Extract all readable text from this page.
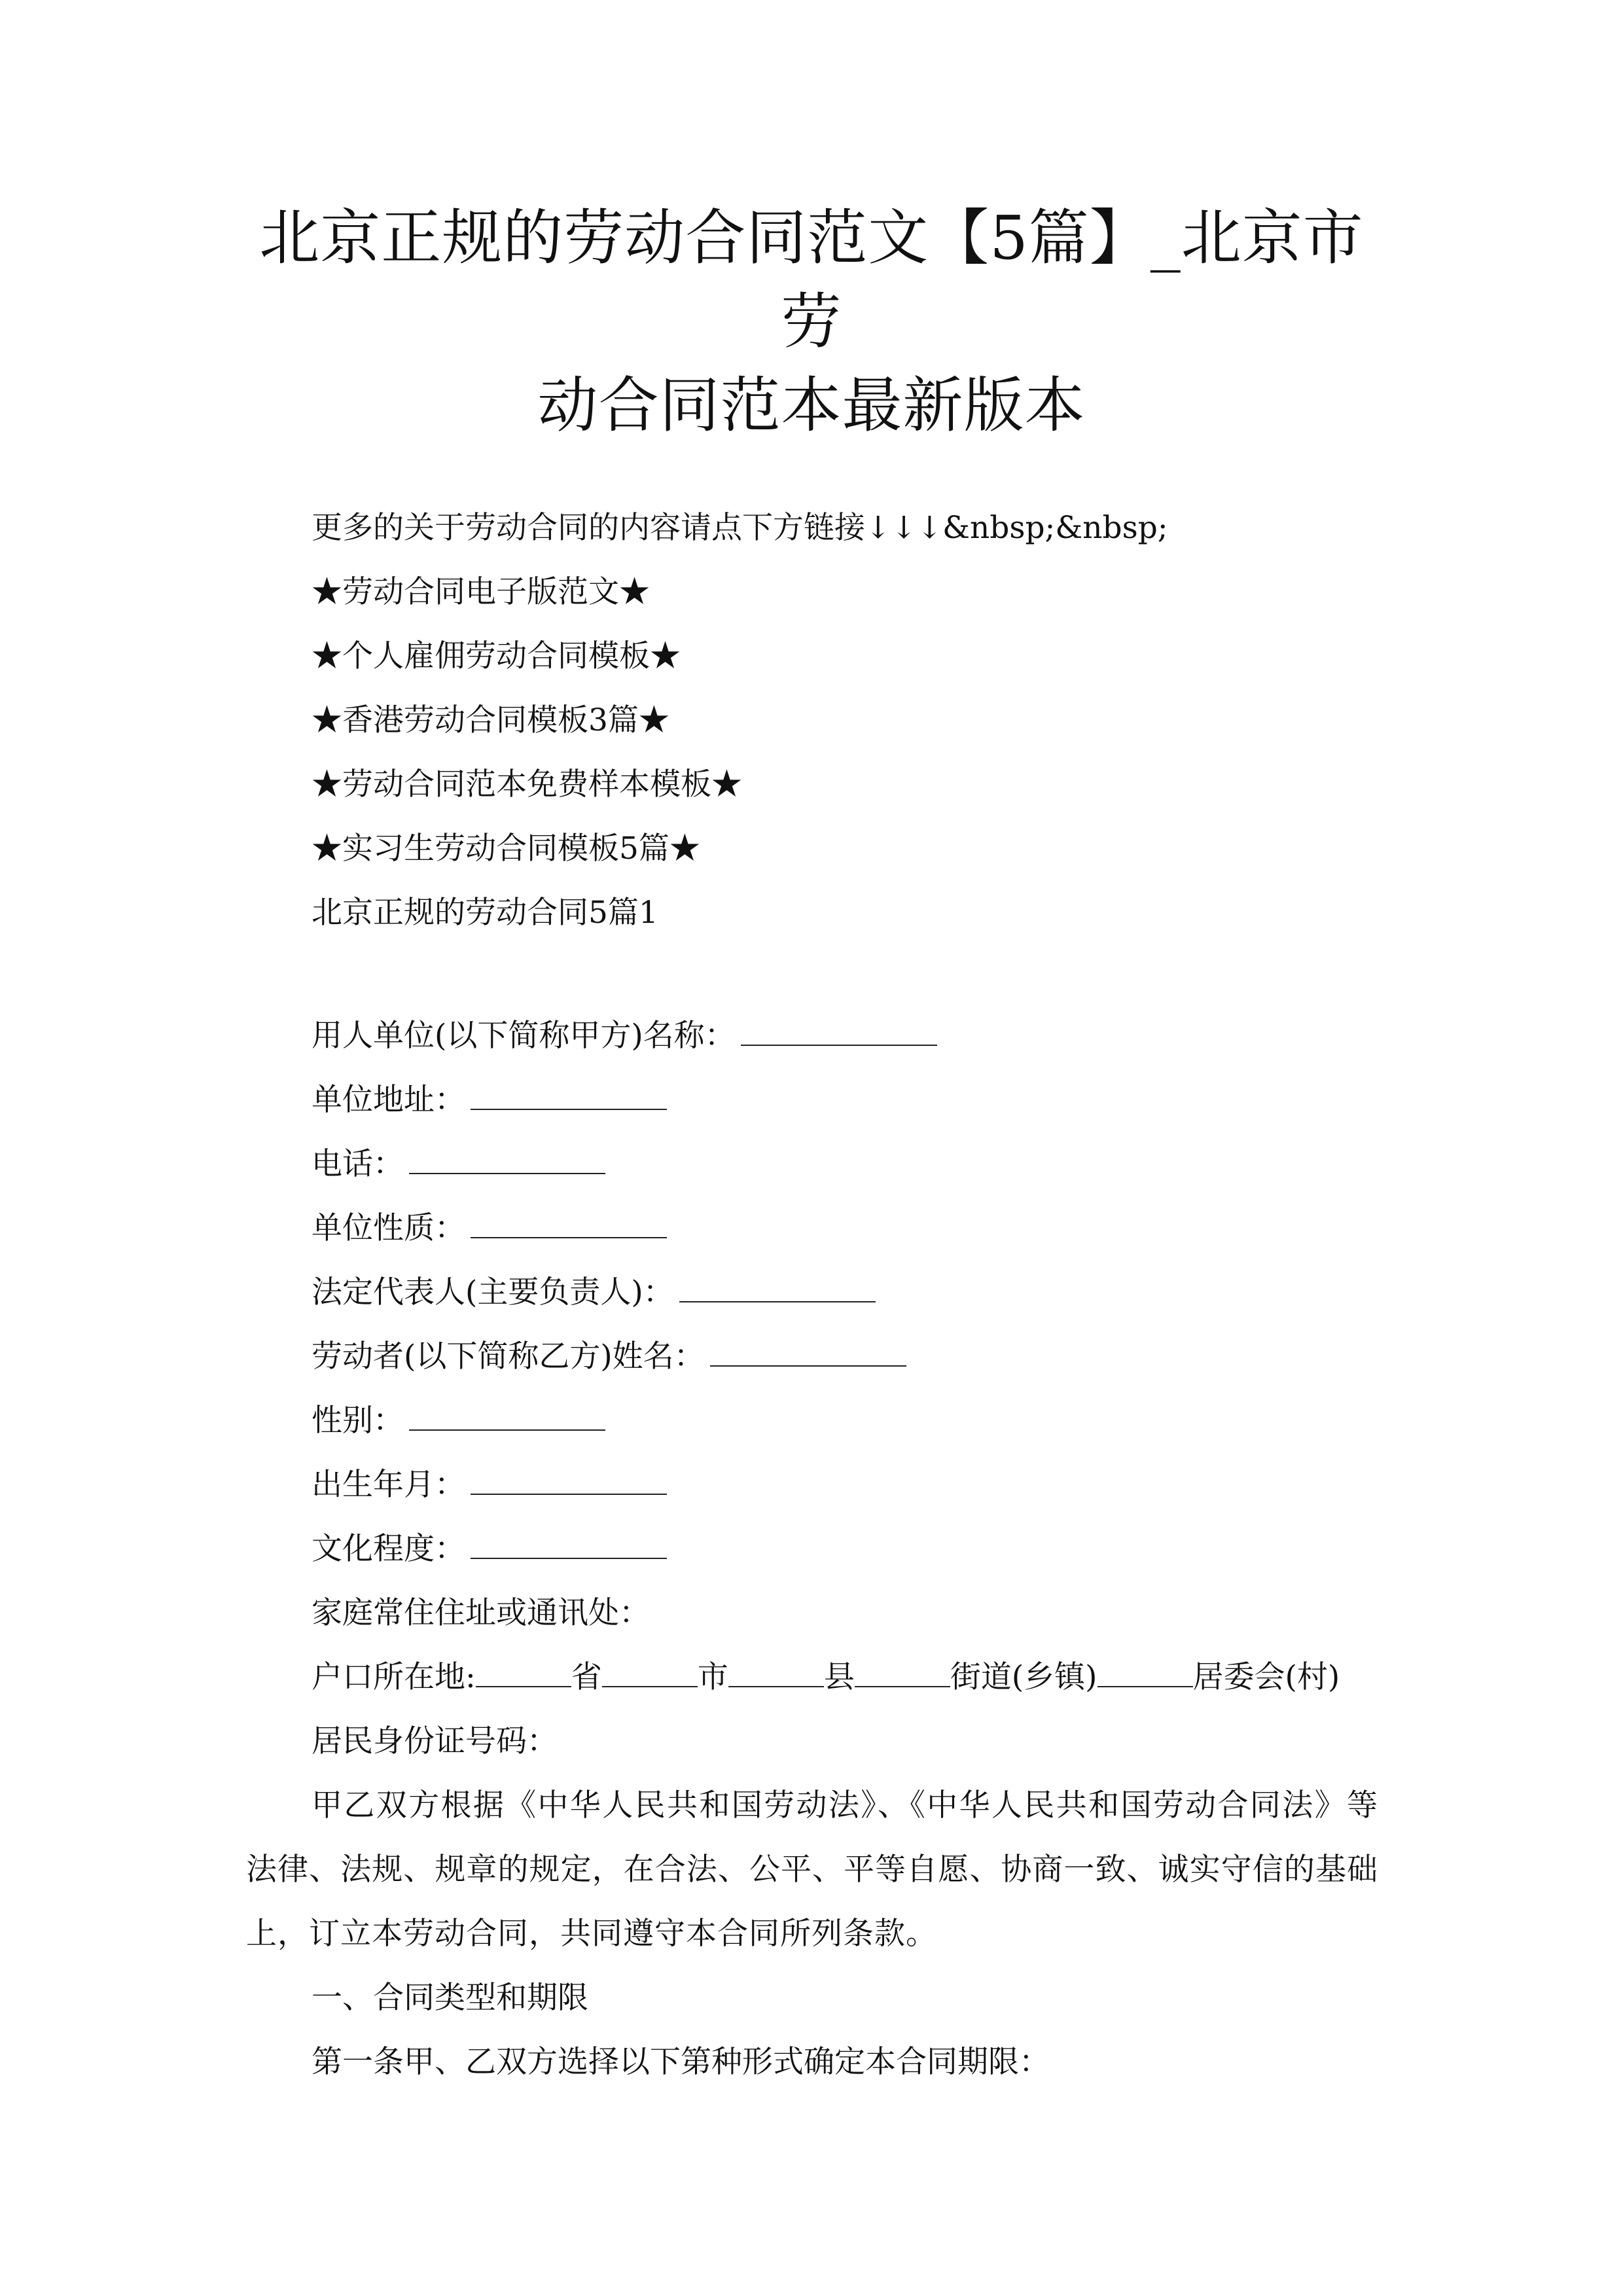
北京正规的劳动合同范文【5篇】_北京市劳
动合同范本最新版本
更多的关于劳动合同的内容请点下方链接↓↓↓&nbsp;&nbsp;
★劳动合同电子版范文★
★个人雇佣劳动合同模板★
★香港劳动合同模板3篇★
★劳动合同范本免费样本模板★
★实习生劳动合同模板5篇★
北京正规的劳动合同5篇1
用人单位(以下简称甲方)名称：
单位地址：
电话：
单位性质：
法定代表人(主要负责人)：
劳动者(以下简称乙方)姓名：
性别：
出生年月：
文化程度：
家庭常住住址或通讯处：
户口所在地:	省	市	县	街道(乡镇)	居委会(村)
居民身份证号码：

甲乙双方根据《中华人民共和国劳动法》、《中华人民共和国劳动合同法》等法律、法规、规章的规定，在合法、公平、平等自愿、协商一致、诚实守信的基础上，订立本劳动合同，共同遵守本合同所列条款。

一、合同类型和期限
第一条甲、乙双方选择以下第种形式确定本合同期限：
